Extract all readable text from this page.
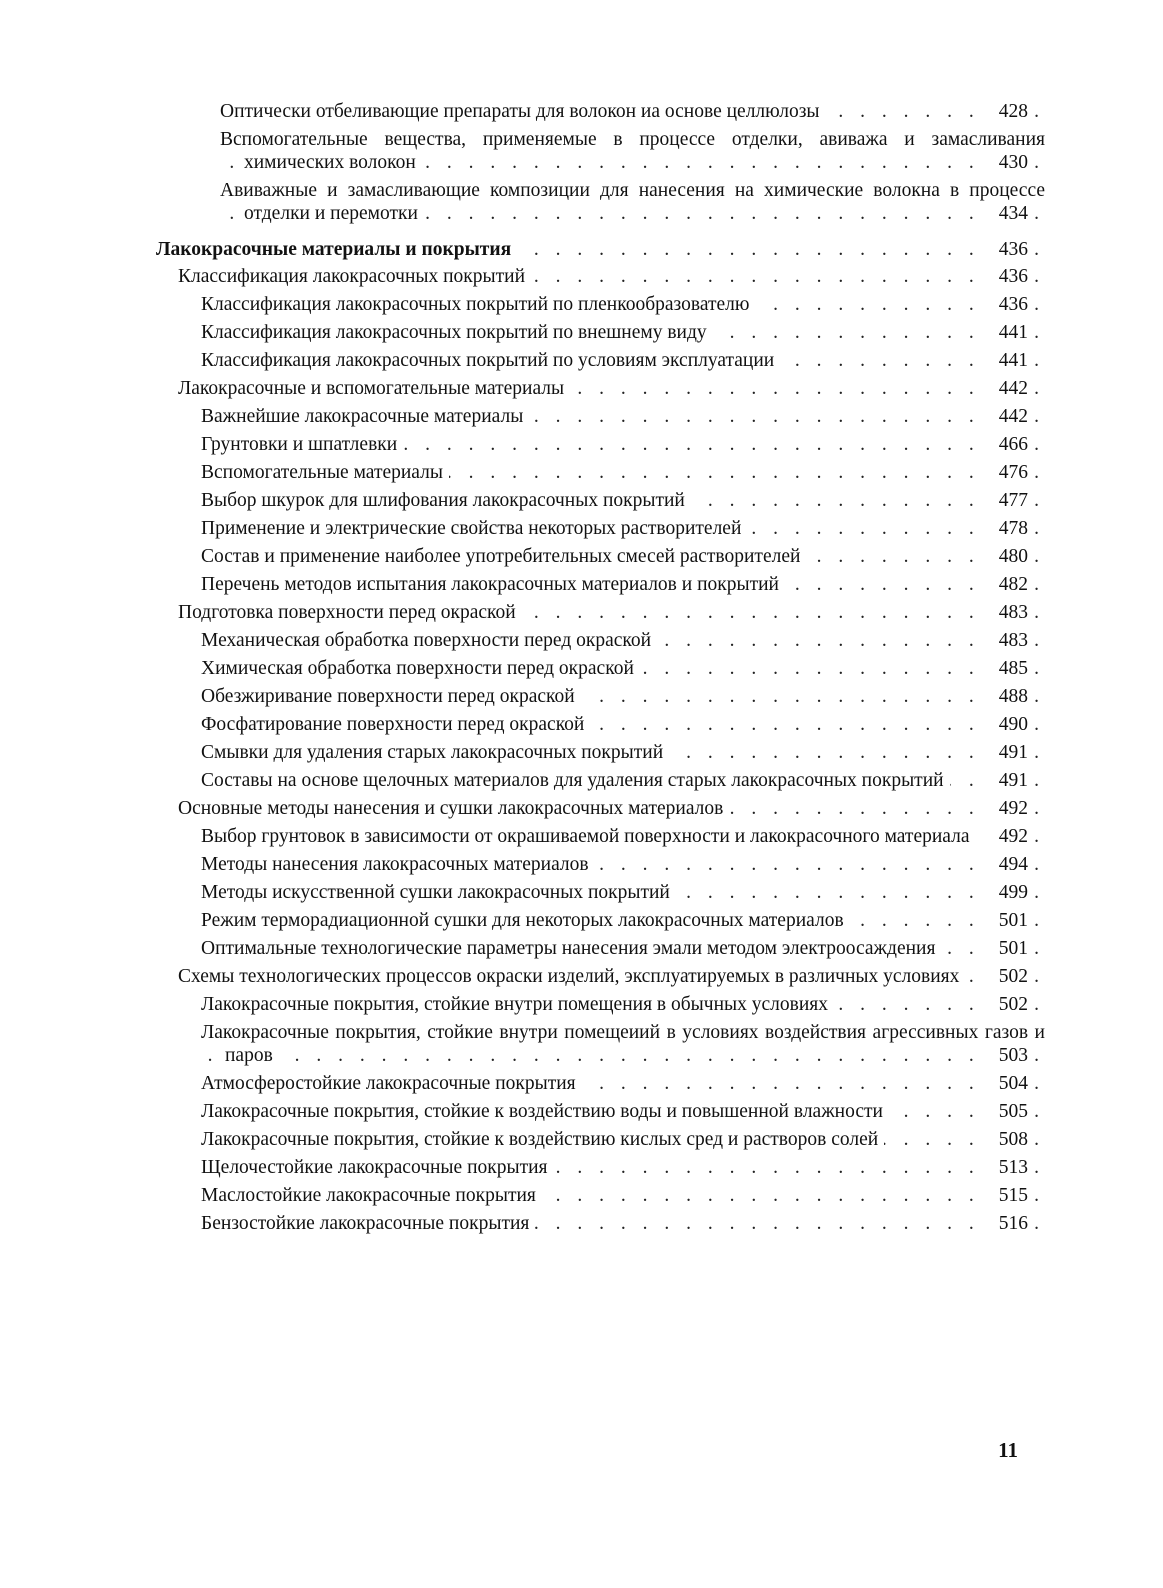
Оптически отбеливающие препараты для волокон иа основе целлюлозы . . .	428
Вспомогательные вещества, применяемые в процессе отделки, авиважа и замасливания химических волокон . . .	430
Авиважные и замасливающие композиции для нанесения на химические волокна в процессе отделки и перемотки . . .	434
Лакокрасочные материалы и покрытия . . .	436
Классификация лакокрасочных покрытий . . .	436
Классификация лакокрасочных покрытий по пленкообразователю . . .	436
Классификация лакокрасочных покрытий по внешнему виду . . .	441
Классификация лакокрасочных покрытий по условиям эксплуатации . . .	441
Лакокрасочные и вспомогательные материалы . . .	442
Важнейшие лакокрасочные материалы . . .	442
Грунтовки и шпатлевки . . .	466
Вспомогательные материалы . . .	476
Выбор шкурок для шлифования лакокрасочных покрытий . . .	477
Применение и электрические свойства некоторых растворителей . . .	478
Состав и применение наиболее употребительных смесей растворителей . . .	480
Перечень методов испытания лакокрасочных материалов и покрытий . . .	482
Подготовка поверхности перед окраской . . .	483
Механическая обработка поверхности перед окраской . . .	483
Химическая обработка поверхности перед окраской . . .	485
Обезжиривание поверхности перед окраской . . .	488
Фосфатирование поверхности перед окраской . . .	490
Смывки для удаления старых лакокрасочных покрытий . . .	491
Составы на основе щелочных материалов для удаления старых лакокрасочных покрытий . . .	491
Основные методы нанесения и сушки лакокрасочных материалов . . .	492
Выбор грунтовок в зависимости от окрашиваемой поверхности и лакокрасочного материала . . .	492
Методы нанесения лакокрасочных материалов . . .	494
Методы искусственной сушки лакокрасочных покрытий . . .	499
Режим терморадиационной сушки для некоторых лакокрасочных материалов . . .	501
Оптимальные технологические параметры нанесения эмали методом электроосаждения . . .	501
Схемы технологических процессов окраски изделий, эксплуатируемых в различных условиях . . .	502
Лакокрасочные покрытия, стойкие внутри помещения в обычных условиях . . .	502
Лакокрасочные покрытия, стойкие внутри помещеиий в условиях воздействия агрессивных газов и паров . . .	503
Атмосферостойкие лакокрасочные покрытия . . .	504
Лакокрасочные покрытия, стойкие к воздействию воды и повышенной влажности . . .	505
Лакокрасочные покрытия, стойкие к воздействию кислых сред и растворов солей . . .	508
Щелочестойкие лакокрасочные покрытия . . .	513
Маслостойкие лакокрасочные покрытия . . .	515
Бензостойкие лакокрасочные покрытия . . .	516
11
